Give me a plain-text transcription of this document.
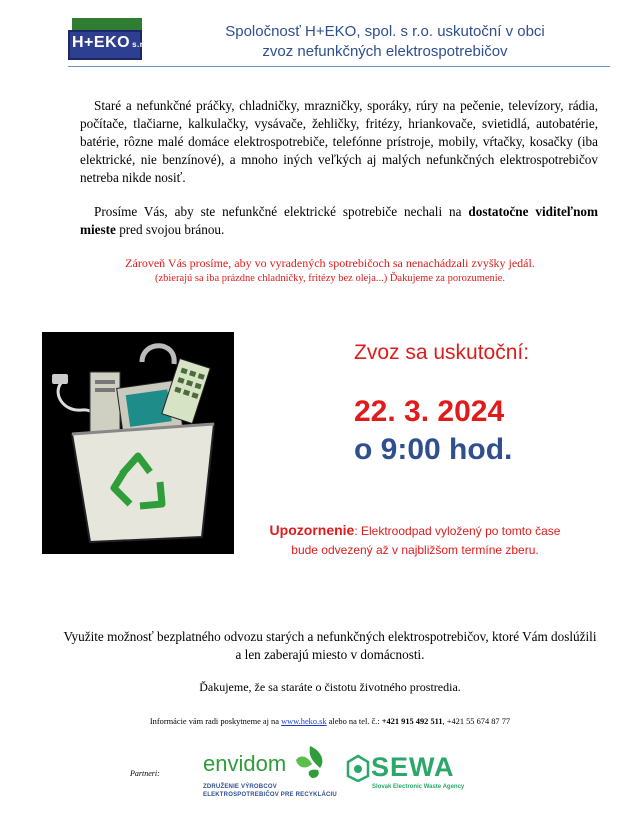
H+EKO s.r.o.
Spoločnosť H+EKO, spol. s r.o. uskutoční v obci
zvoz nefunkčných elektrospotrebičov
Staré a nefunkčné práčky, chladničky, mrazničky, sporáky, rúry na pečenie, televízory, rádia, počítače, tlačiarne, kalkulačky, vysávače, žehličky, fritézy, hriankovače, svietidlá, autobatérie, batérie, rôzne malé domáce elektrospotrebiče, telefónne prístroje, mobily, vŕtačky, kosačky (iba elektrické, nie benzínové), a mnoho iných veľkých aj malých nefunkčných elektrospotrebičov netreba nikde nosiť.
Prosíme Vás, aby ste nefunkčné elektrické spotrebiče nechali na dostatočne viditeľnom mieste pred svojou bránou.
Zároveň Vás prosíme, aby vo vyradených spotrebičoch sa nenachádzali zvyšky jedál.
(zbierajú sa iba prázdne chladničky, fritézy bez oleja...) Ďakujeme za porozumenie.
Zvoz sa uskutoční:
22. 3. 2024
o 9:00 hod.
Upozornenie: Elektroodpad vyložený po tomto čase
bude odvezený až v najbližšom termíne zberu.
Využite možnosť bezplatného odvozu starých a nefunkčných elektrospotrebičov, ktoré Vám doslúžili a len zaberajú miesto v domácnosti.
Ďakujeme, že sa staráte o čistotu životného prostredia.
Informácie vám radi poskytneme aj na www.heko.sk alebo na tel. č.: +421 915 492 511, +421 55 674 87 77
Partneri: envidom
ZDRUŽENIE VÝROBCOV
ELEKTROSPOTREBIČOV PRE RECYKLÁCIU
SEWA
Slovak Electronic Waste Agency
